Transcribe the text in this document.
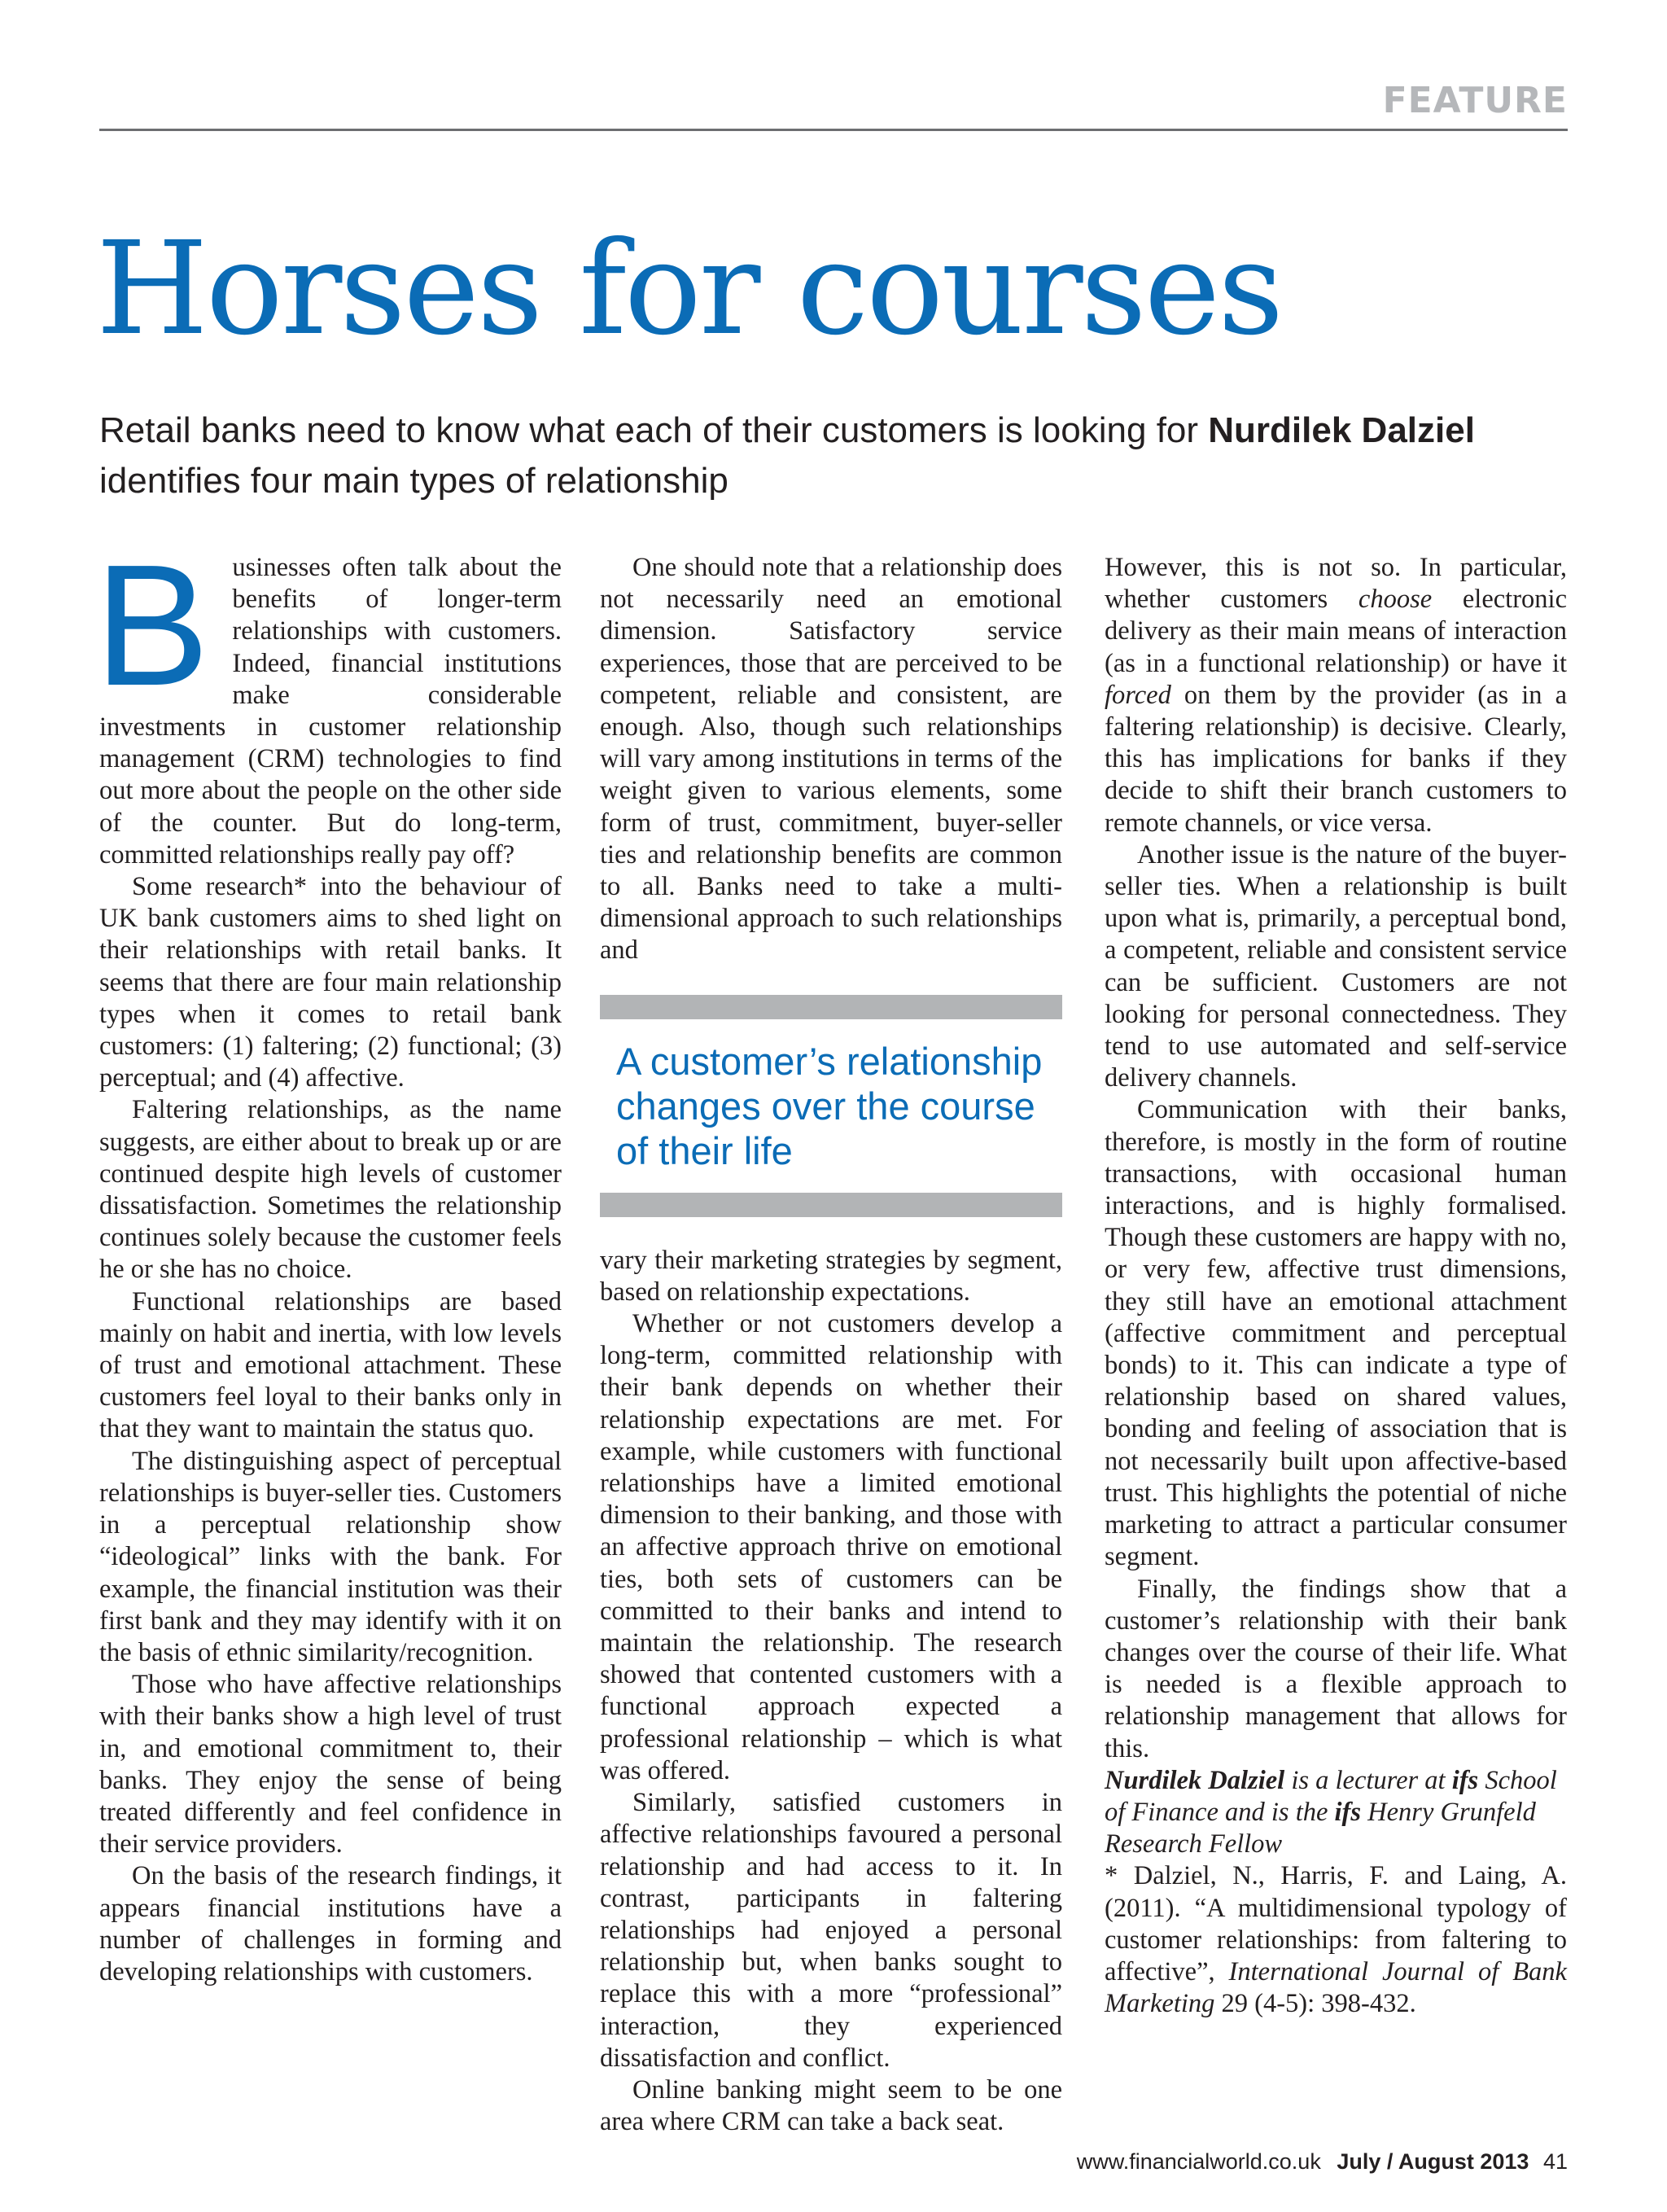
FEATURE
Horses for courses
Retail banks need to know what each of their customers is looking for Nurdilek Dalziel
identifies four main types of relationship

Businesses often talk about the benefits of longer-term relationships with customers. Indeed, financial institutions make considerable investments in customer relationship management (CRM) technologies to find out more about the people on the other side of the counter. But do long-term, committed relationships really pay off?

Some research* into the behaviour of UK bank customers aims to shed light on their relationships with retail banks. It seems that there are four main relationship types when it comes to retail bank customers: (1) faltering; (2) functional; (3) perceptual; and (4) affective.

Faltering relationships, as the name suggests, are either about to break up or are continued despite high levels of customer dissatisfaction. Sometimes the relationship continues solely because the customer feels he or she has no choice.

Functional relationships are based mainly on habit and inertia, with low levels of trust and emotional attachment. These customers feel loyal to their banks only in that they want to maintain the status quo.

The distinguishing aspect of perceptual relationships is buyer-seller ties. Customers in a perceptual relationship show “ideological” links with the bank. For example, the financial institution was their first bank and they may identify with it on the basis of ethnic similarity/recognition.

Those who have affective relationships with their banks show a high level of trust in, and emotional commitment to, their banks. They enjoy the sense of being treated differently and feel confidence in their service providers.

On the basis of the research findings, it appears financial institutions have a number of challenges in forming and developing relationships with customers.

One should note that a relationship does not necessarily need an emotional dimension. Satisfactory service experiences, those that are perceived to be competent, reliable and consistent, are enough. Also, though such relationships will vary among institutions in terms of the weight given to various elements, some form of trust, commitment, buyer-seller ties and relationship benefits are common to all. Banks need to take a multi-dimensional approach to such relationships and

A customer’s relationship changes over the course of their life

vary their marketing strategies by segment, based on relationship expectations.

Whether or not customers develop a long-term, committed relationship with their bank depends on whether their relationship expectations are met. For example, while customers with functional relationships have a limited emotional dimension to their banking, and those with an affective approach thrive on emotional ties, both sets of customers can be committed to their banks and intend to maintain the relationship. The research showed that contented customers with a functional approach expected a professional relationship – which is what was offered.

Similarly, satisfied customers in affective relationships favoured a personal relationship and had access to it. In contrast, participants in faltering relationships had enjoyed a personal relationship but, when banks sought to replace this with a more “professional” interaction, they experienced dissatisfaction and conflict.

Online banking might seem to be one area where CRM can take a back seat.

However, this is not so. In particular, whether customers choose electronic delivery as their main means of interaction (as in a functional relationship) or have it forced on them by the provider (as in a faltering relationship) is decisive. Clearly, this has implications for banks if they decide to shift their branch customers to remote channels, or vice versa.

Another issue is the nature of the buyer-seller ties. When a relationship is built upon what is, primarily, a perceptual bond, a competent, reliable and consistent service can be sufficient. Customers are not looking for personal connectedness. They tend to use automated and self-service delivery channels.

Communication with their banks, therefore, is mostly in the form of routine transactions, with occasional human interactions, and is highly formalised. Though these customers are happy with no, or very few, affective trust dimensions, they still have an emotional attachment (affective commitment and perceptual bonds) to it. This can indicate a type of relationship based on shared values, bonding and feeling of association that is not necessarily built upon affective-based trust. This highlights the potential of niche marketing to attract a particular consumer segment.

Finally, the findings show that a customer’s relationship with their bank changes over the course of their life. What is needed is a flexible approach to relationship management that allows for this.

Nurdilek Dalziel is a lecturer at ifs School of Finance and is the ifs Henry Grunfeld Research Fellow

* Dalziel, N., Harris, F. and Laing, A. (2011). “A multidimensional typology of customer relationships: from faltering to affective”, International Journal of Bank Marketing 29 (4-5): 398-432.

www.financialworld.co.uk July / August 2013 41
